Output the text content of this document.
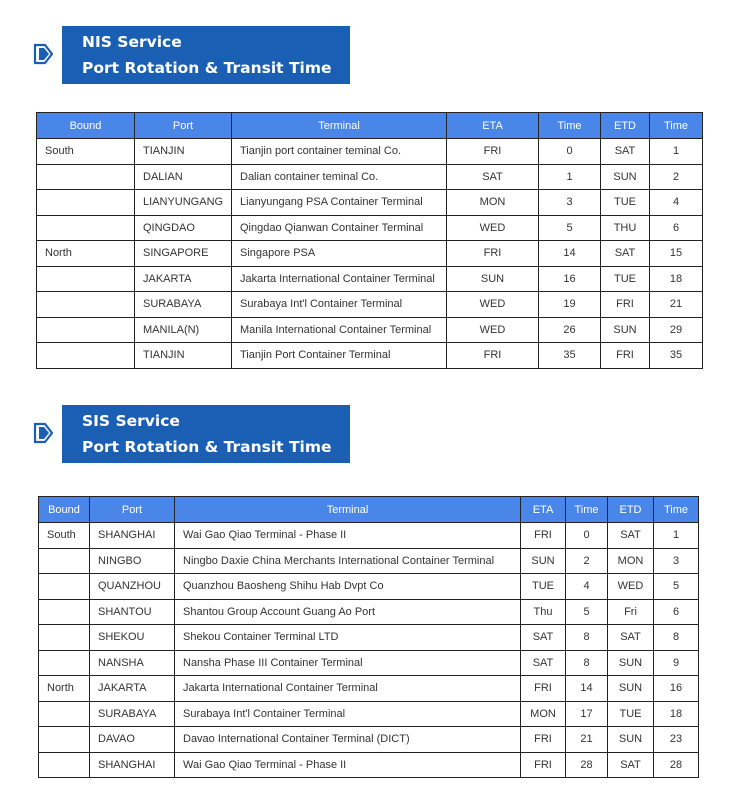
NIS Service
Port Rotation & Transit Time
Bound	Port	Terminal	ETA	Time	ETD	Time
South	TIANJIN	Tianjin port container teminal Co.	FRI	0	SAT	1
	DALIAN	Dalian container teminal Co.	SAT	1	SUN	2
	LIANYUNGANG	Lianyungang PSA Container Terminal	MON	3	TUE	4
	QINGDAO	Qingdao Qianwan Container Terminal	WED	5	THU	6
North	SINGAPORE	Singapore PSA	FRI	14	SAT	15
	JAKARTA	Jakarta International Container Terminal	SUN	16	TUE	18
	SURABAYA	Surabaya Int'l Container Terminal	WED	19	FRI	21
	MANILA(N)	Manila International Container Terminal	WED	26	SUN	29
	TIANJIN	Tianjin Port Container Terminal	FRI	35	FRI	35
SIS Service
Port Rotation & Transit Time
Bound	Port	Terminal	ETA	Time	ETD	Time
South	SHANGHAI	Wai Gao Qiao Terminal - Phase II	FRI	0	SAT	1
	NINGBO	Ningbo Daxie China Merchants International Container Terminal	SUN	2	MON	3
	QUANZHOU	Quanzhou Baosheng Shihu Hab Dvpt Co	TUE	4	WED	5
	SHANTOU	Shantou Group Account Guang Ao Port	Thu	5	Fri	6
	SHEKOU	Shekou Container Terminal LTD	SAT	8	SAT	8
	NANSHA	Nansha Phase III Container Terminal	SAT	8	SUN	9
North	JAKARTA	Jakarta International Container Terminal	FRI	14	SUN	16
	SURABAYA	Surabaya Int'l Container Terminal	MON	17	TUE	18
	DAVAO	Davao International Container Terminal (DICT)	FRI	21	SUN	23
	SHANGHAI	Wai Gao Qiao Terminal - Phase II	FRI	28	SAT	28
